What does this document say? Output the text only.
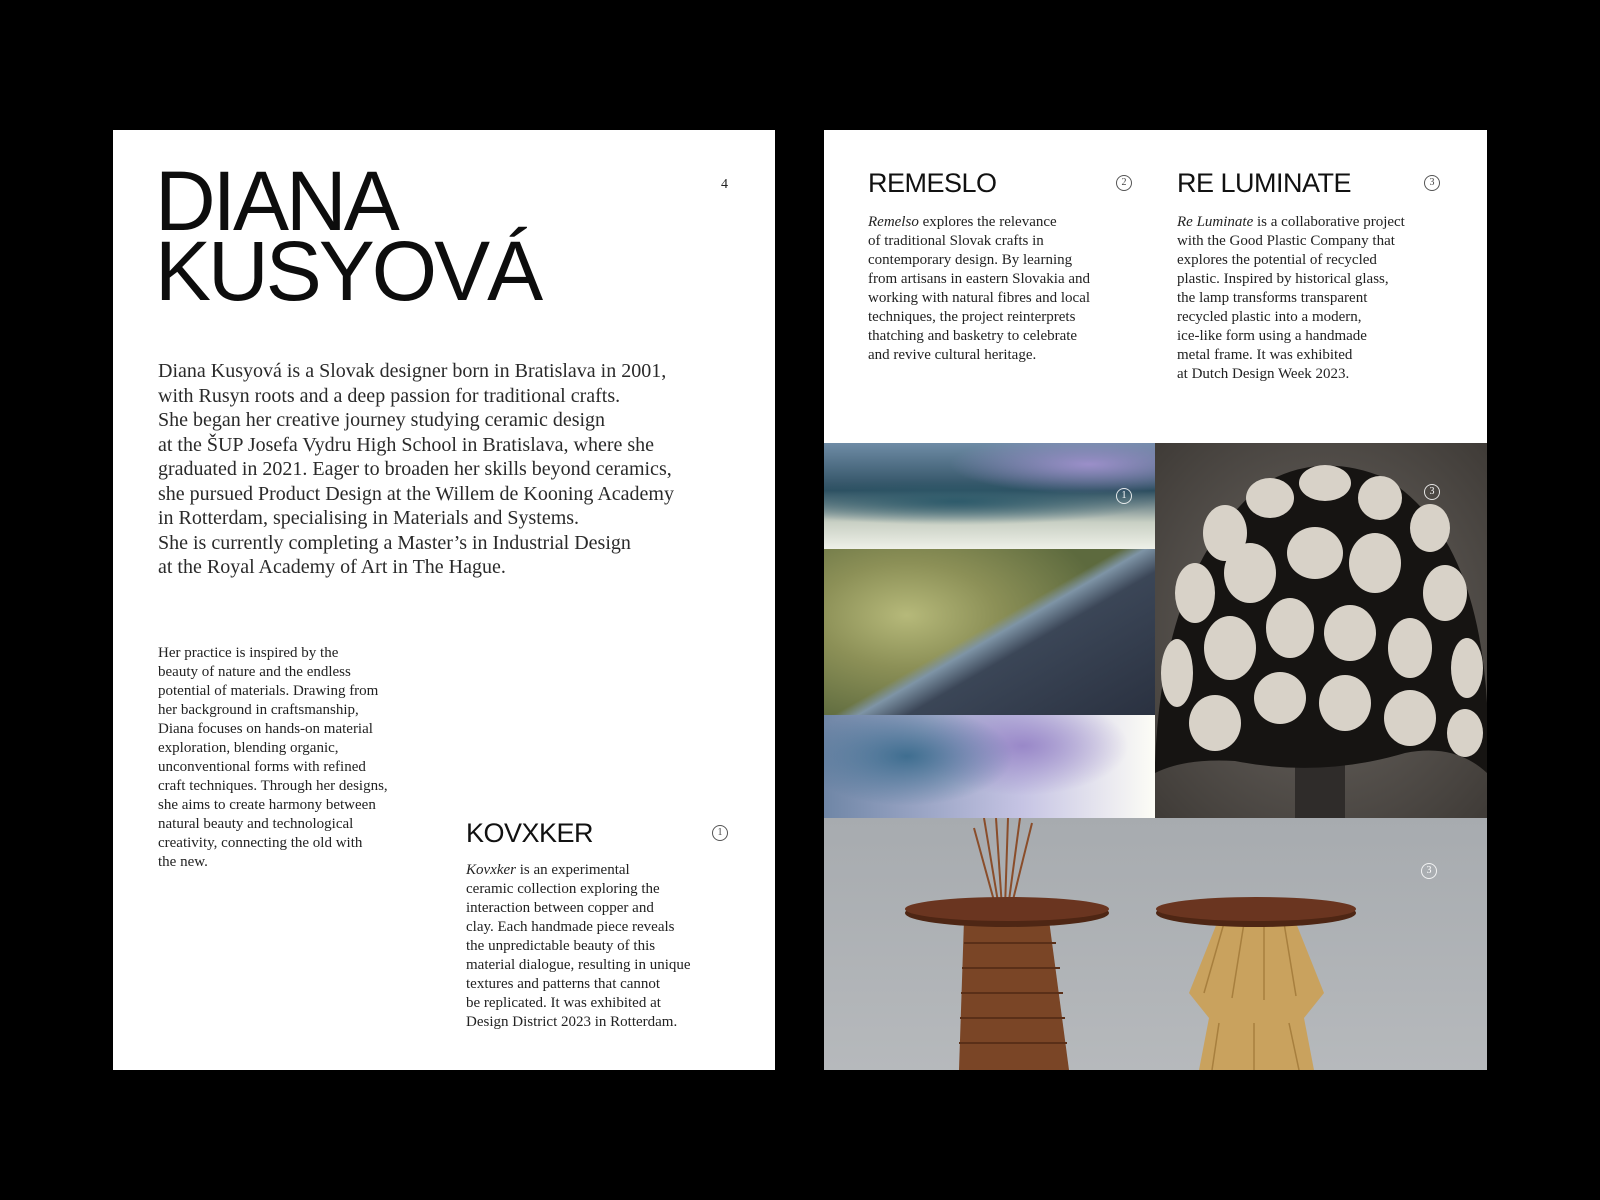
DIANA
KUSYOVÁ
4

Diana Kusyová is a Slovak designer born in Bratislava in 2001,
with Rusyn roots and a deep passion for traditional crafts.
She began her creative journey studying ceramic design
at the ŠUP Josefa Vydru High School in Bratislava, where she
graduated in 2021. Eager to broaden her skills beyond ceramics,
she pursued Product Design at the Willem de Kooning Academy
in Rotterdam, specialising in Materials and Systems.
She is currently completing a Master’s in Industrial Design
at the Royal Academy of Art in The Hague.

Her practice is inspired by the
beauty of nature and the endless
potential of materials. Drawing from
her background in craftsmanship,
Diana focuses on hands-on material
exploration, blending organic,
unconventional forms with refined
craft techniques. Through her designs,
she aims to create harmony between
natural beauty and technological
creativity, connecting the old with
the new.

KOVXKER	1

Kovxker is an experimental
ceramic collection exploring the
interaction between copper and
clay. Each handmade piece reveals
the unpredictable beauty of this
material dialogue, resulting in unique
textures and patterns that cannot
be replicated. It was exhibited at
Design District 2023 in Rotterdam.

REMESLO	2

Remelso explores the relevance
of traditional Slovak crafts in
contemporary design. By learning
from artisans in eastern Slovakia and
working with natural fibres and local
techniques, the project reinterprets
thatching and basketry to celebrate
and revive cultural heritage.

RE LUMINATE	3

Re Luminate is a collaborative project
with the Good Plastic Company that
explores the potential of recycled
plastic. Inspired by historical glass,
the lamp transforms transparent
recycled plastic into a modern,
ice-like form using a handmade
metal frame. It was exhibited
at Dutch Design Week 2023.

1	3
3
